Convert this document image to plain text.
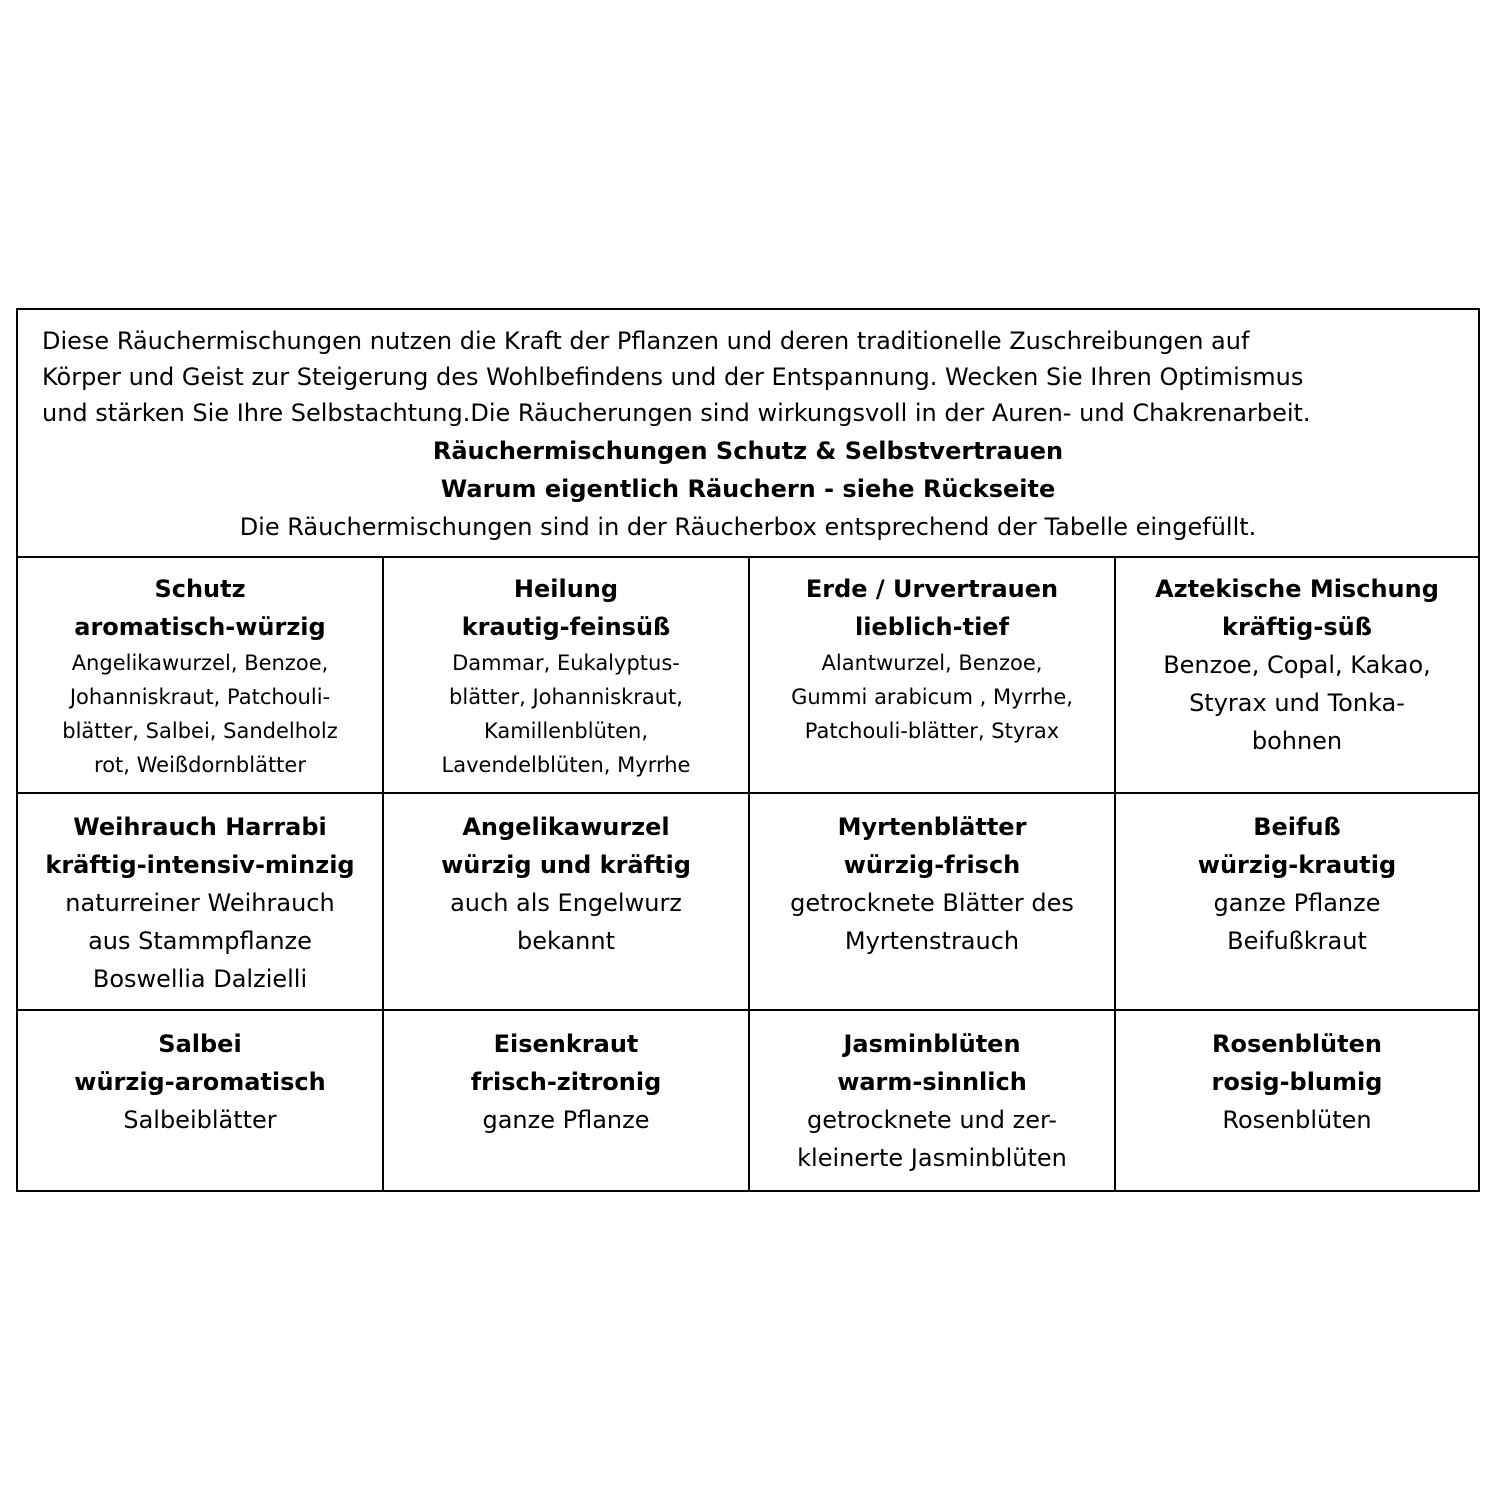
Diese Räuchermischungen nutzen die Kraft der Pflanzen und deren traditionelle Zuschreibungen auf
Körper und Geist zur Steigerung des Wohlbefindens und der Entspannung. Wecken Sie Ihren Optimismus
und stärken Sie Ihre Selbstachtung.Die Räucherungen sind wirkungsvoll in der Auren- und Chakrenarbeit.

Räuchermischungen Schutz & Selbstvertrauen

Warum eigentlich Räuchern - siehe Rückseite

Die Räuchermischungen sind in der Räucherbox entsprechend der Tabelle eingefüllt.

Schutz

aromatisch-würzig

Angelikawurzel, Benzoe,
Johanniskraut, Patchouli-
blätter, Salbei, Sandelholz
rot, Weißdornblätter

Heilung

krautig-feinsüß

Dammar, Eukalyptus-
blätter, Johanniskraut,
Kamillenblüten,
Lavendelblüten, Myrrhe

Erde / Urvertrauen

lieblich-tief

Alantwurzel, Benzoe,
Gummi arabicum , Myrrhe,
Patchouli-blätter, Styrax

Aztekische Mischung

kräftig-süß

Benzoe, Copal, Kakao,
Styrax und Tonka-
bohnen

Weihrauch Harrabi

kräftig-intensiv-minzig

naturreiner Weihrauch
aus Stammpflanze
Boswellia Dalzielli

Angelikawurzel

würzig und kräftig

auch als Engelwurz
bekannt

Myrtenblätter

würzig-frisch

getrocknete Blätter des
Myrtenstrauch

Beifuß

würzig-krautig

ganze Pflanze
Beifußkraut

Salbei

würzig-aromatisch

Salbeiblätter

Eisenkraut

frisch-zitronig

ganze Pflanze

Jasminblüten

warm-sinnlich

getrocknete und zer-
kleinerte Jasminblüten

Rosenblüten

rosig-blumig

Rosenblüten
